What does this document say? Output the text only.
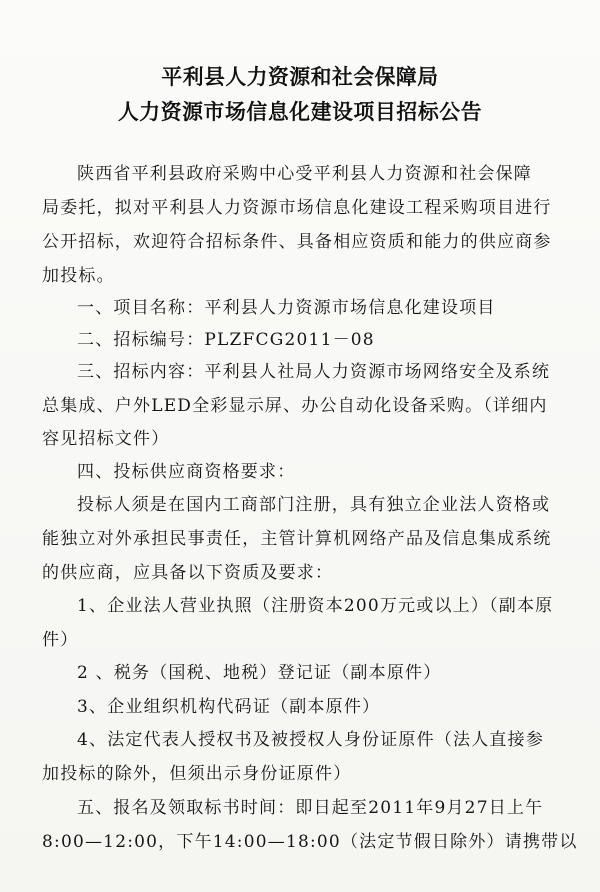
平利县人力资源和社会保障局
人力资源市场信息化建设项目招标公告
陕西省平利县政府采购中心受平利县人力资源和社会保障
局委托，拟对平利县人力资源市场信息化建设工程采购项目进行
公开招标，欢迎符合招标条件、具备相应资质和能力的供应商参
加投标。
一、项目名称：平利县人力资源市场信息化建设项目
二、招标编号：PLZFCG2011－08
三、招标内容：平利县人社局人力资源市场网络安全及系统
总集成、户外LED全彩显示屏、办公自动化设备采购。（详细内
容见招标文件）
四、投标供应商资格要求：
投标人须是在国内工商部门注册，具有独立企业法人资格或
能独立对外承担民事责任，主管计算机网络产品及信息集成系统
的供应商，应具备以下资质及要求：
1、企业法人营业执照（注册资本200万元或以上）（副本原
件）
2 、税务（国税、地税）登记证（副本原件）
3、企业组织机构代码证（副本原件）
4、法定代表人授权书及被授权人身份证原件（法人直接参
加投标的除外，但须出示身份证原件）
五、报名及领取标书时间：即日起至2011年9月27日上午
8:00—12:00，下午14:00—18:00（法定节假日除外）请携带以
